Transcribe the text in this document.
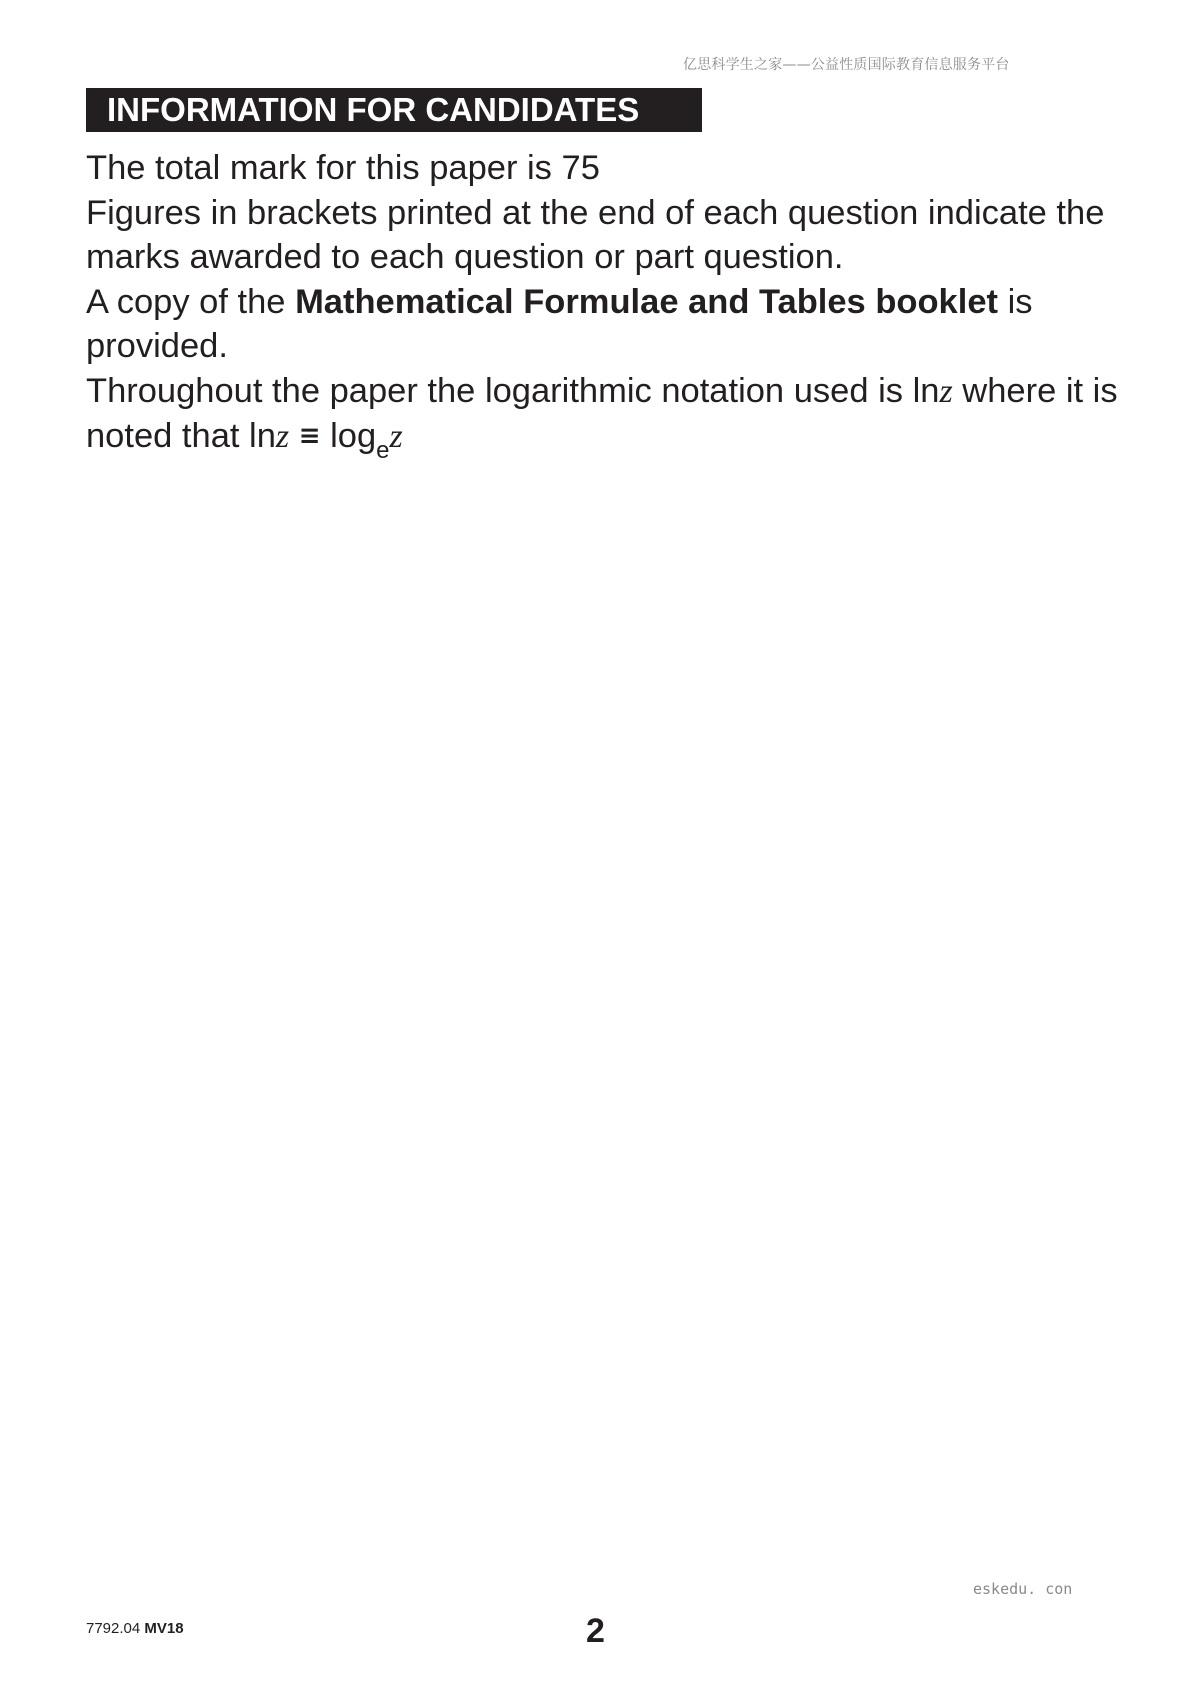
亿思科学生之家——公益性质国际教育信息服务平台
INFORMATION FOR CANDIDATES

The total mark for this paper is 75

Figures in brackets printed at the end of each question indicate the marks awarded to each question or part question.

A copy of the Mathematical Formulae and Tables booklet is provided.

Throughout the paper the logarithmic notation used is lnz where it is noted that $\ln z \equiv \log_ez$

eskedu. con
7792.04 MV18	2
